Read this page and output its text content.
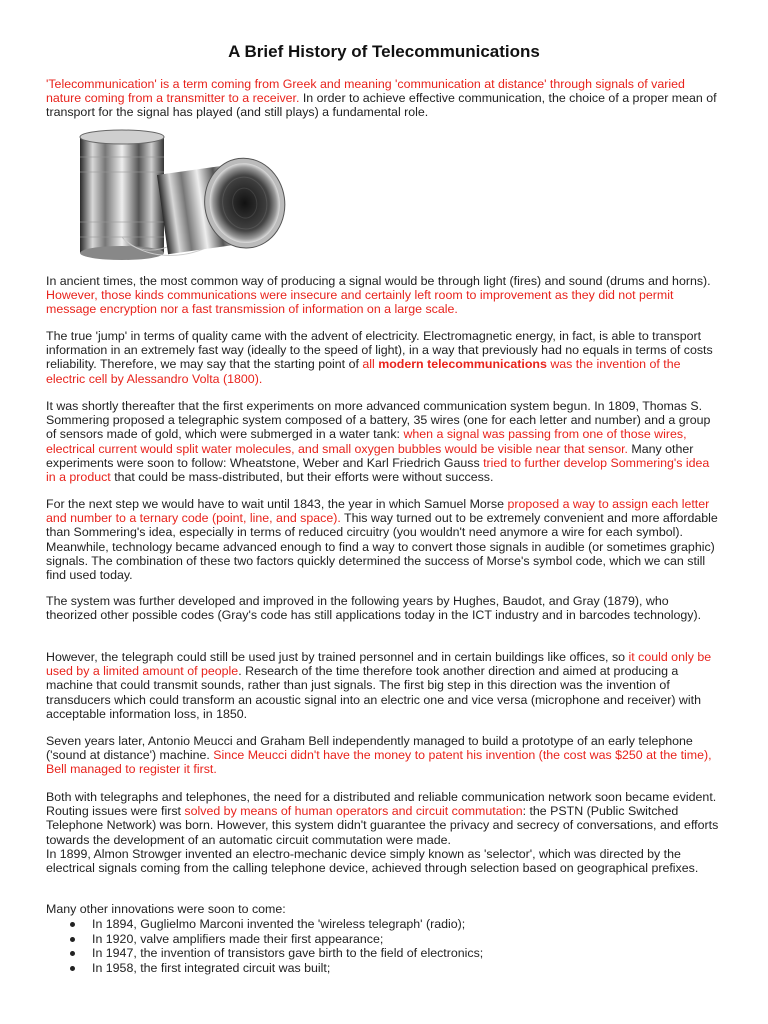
A Brief History of Telecommunications

'Telecommunication' is a term coming from Greek and meaning 'communication at distance' through signals of varied nature coming from a transmitter to a receiver. In order to achieve effective communication, the choice of a proper mean of transport for the signal has played (and still plays) a fundamental role.

In ancient times, the most common way of producing a signal would be through light (fires) and sound (drums and horns). However, those kinds communications were insecure and certainly left room to improvement as they did not permit message encryption nor a fast transmission of information on a large scale.

The true 'jump' in terms of quality came with the advent of electricity. Electromagnetic energy, in fact, is able to transport information in an extremely fast way (ideally to the speed of light), in a way that previously had no equals in terms of costs reliability. Therefore, we may say that the starting point of all modern telecommunications was the invention of the electric cell by Alessandro Volta (1800).

It was shortly thereafter that the first experiments on more advanced communication system begun. In 1809, Thomas S. Sommering proposed a telegraphic system composed of a battery, 35 wires (one for each letter and number) and a group of sensors made of gold, which were submerged in a water tank: when a signal was passing from one of those wires, electrical current would split water molecules, and small oxygen bubbles would be visible near that sensor. Many other experiments were soon to follow: Wheatstone, Weber and Karl Friedrich Gauss tried to further develop Sommering's idea in a product that could be mass-distributed, but their efforts were without success.

For the next step we would have to wait until 1843, the year in which Samuel Morse proposed a way to assign each letter and number to a ternary code (point, line, and space). This way turned out to be extremely convenient and more affordable than Sommering's idea, especially in terms of reduced circuitry (you wouldn't need anymore a wire for each symbol). Meanwhile, technology became advanced enough to find a way to convert those signals in audible (or sometimes graphic) signals. The combination of these two factors quickly determined the success of Morse's symbol code, which we can still find used today.

The system was further developed and improved in the following years by Hughes, Baudot, and Gray (1879), who theorized other possible codes (Gray's code has still applications today in the ICT industry and in barcodes technology).

However, the telegraph could still be used just by trained personnel and in certain buildings like offices, so it could only be used by a limited amount of people. Research of the time therefore took another direction and aimed at producing a machine that could transmit sounds, rather than just signals. The first big step in this direction was the invention of transducers which could transform an acoustic signal into an electric one and vice versa (microphone and receiver) with acceptable information loss, in 1850.

Seven years later, Antonio Meucci and Graham Bell independently managed to build a prototype of an early telephone ('sound at distance') machine. Since Meucci didn't have the money to patent his invention (the cost was $250 at the time), Bell managed to register it first.

Both with telegraphs and telephones, the need for a distributed and reliable communication network soon became evident. Routing issues were first solved by means of human operators and circuit commutation: the PSTN (Public Switched Telephone Network) was born. However, this system didn't guarantee the privacy and secrecy of conversations, and efforts towards the development of an automatic circuit commutation were made.
In 1899, Almon Strowger invented an electro-mechanic device simply known as 'selector', which was directed by the electrical signals coming from the calling telephone device, achieved through selection based on geographical prefixes.

Many other innovations were soon to come:

In 1894, Guglielmo Marconi invented the 'wireless telegraph' (radio);
In 1920, valve amplifiers made their first appearance;
In 1947, the invention of transistors gave birth to the field of electronics;
In 1958, the first integrated circuit was built;
